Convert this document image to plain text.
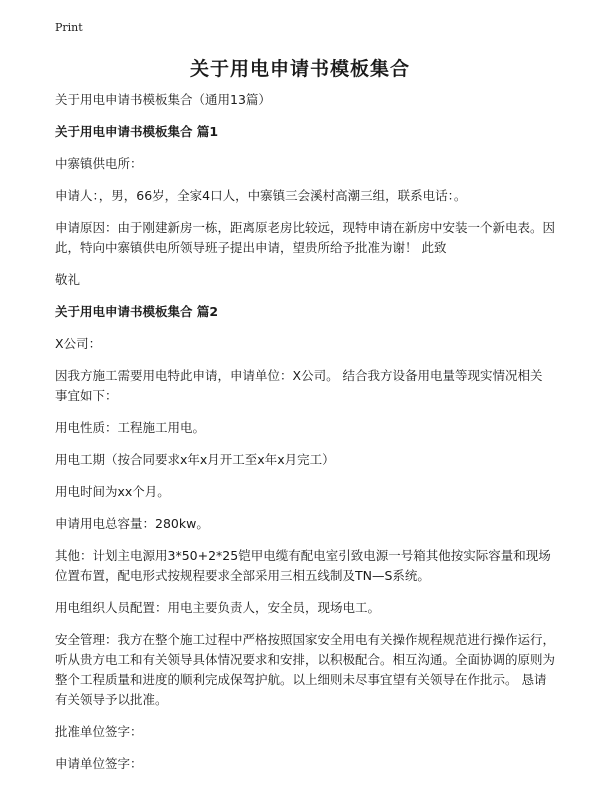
Print
关于用电申请书模板集合

关于用电申请书模板集合（通用13篇）

关于用电申请书模板集合 篇1

中寨镇供电所：

申请人：，男，66岁，全家4口人，中寨镇三会溪村高潮三组，联系电话：。

申请原因：由于刚建新房一栋，距离原老房比较远，现特申请在新房中安装一个新电表。因此，特向中寨镇供电所领导班子提出申请，望贵所给予批准为谢！ 此致

敬礼

关于用电申请书模板集合 篇2

X公司：

因我方施工需要用电特此申请，申请单位：X公司。 结合我方设备用电量等现实情况相关事宜如下：

用电性质：工程施工用电。

用电工期（按合同要求x年x月开工至x年x月完工）

用电时间为xx个月。

申请用电总容量：280kw。

其他：计划主电源用3*50+2*25铠甲电缆有配电室引致电源一号箱其他按实际容量和现场位置布置，配电形式按规程要求全部采用三相五线制及TN—S系统。

用电组织人员配置：用电主要负责人，安全员，现场电工。

安全管理：我方在整个施工过程中严格按照国家安全用电有关操作规程规范进行操作运行，听从贵方电工和有关领导具体情况要求和安排，以积极配合。相互沟通。全面协调的原则为整个工程质量和进度的顺利完成保驾护航。以上细则未尽事宜望有关领导在作批示。 恳请有关领导予以批准。

批准单位签字：

申请单位签字：
